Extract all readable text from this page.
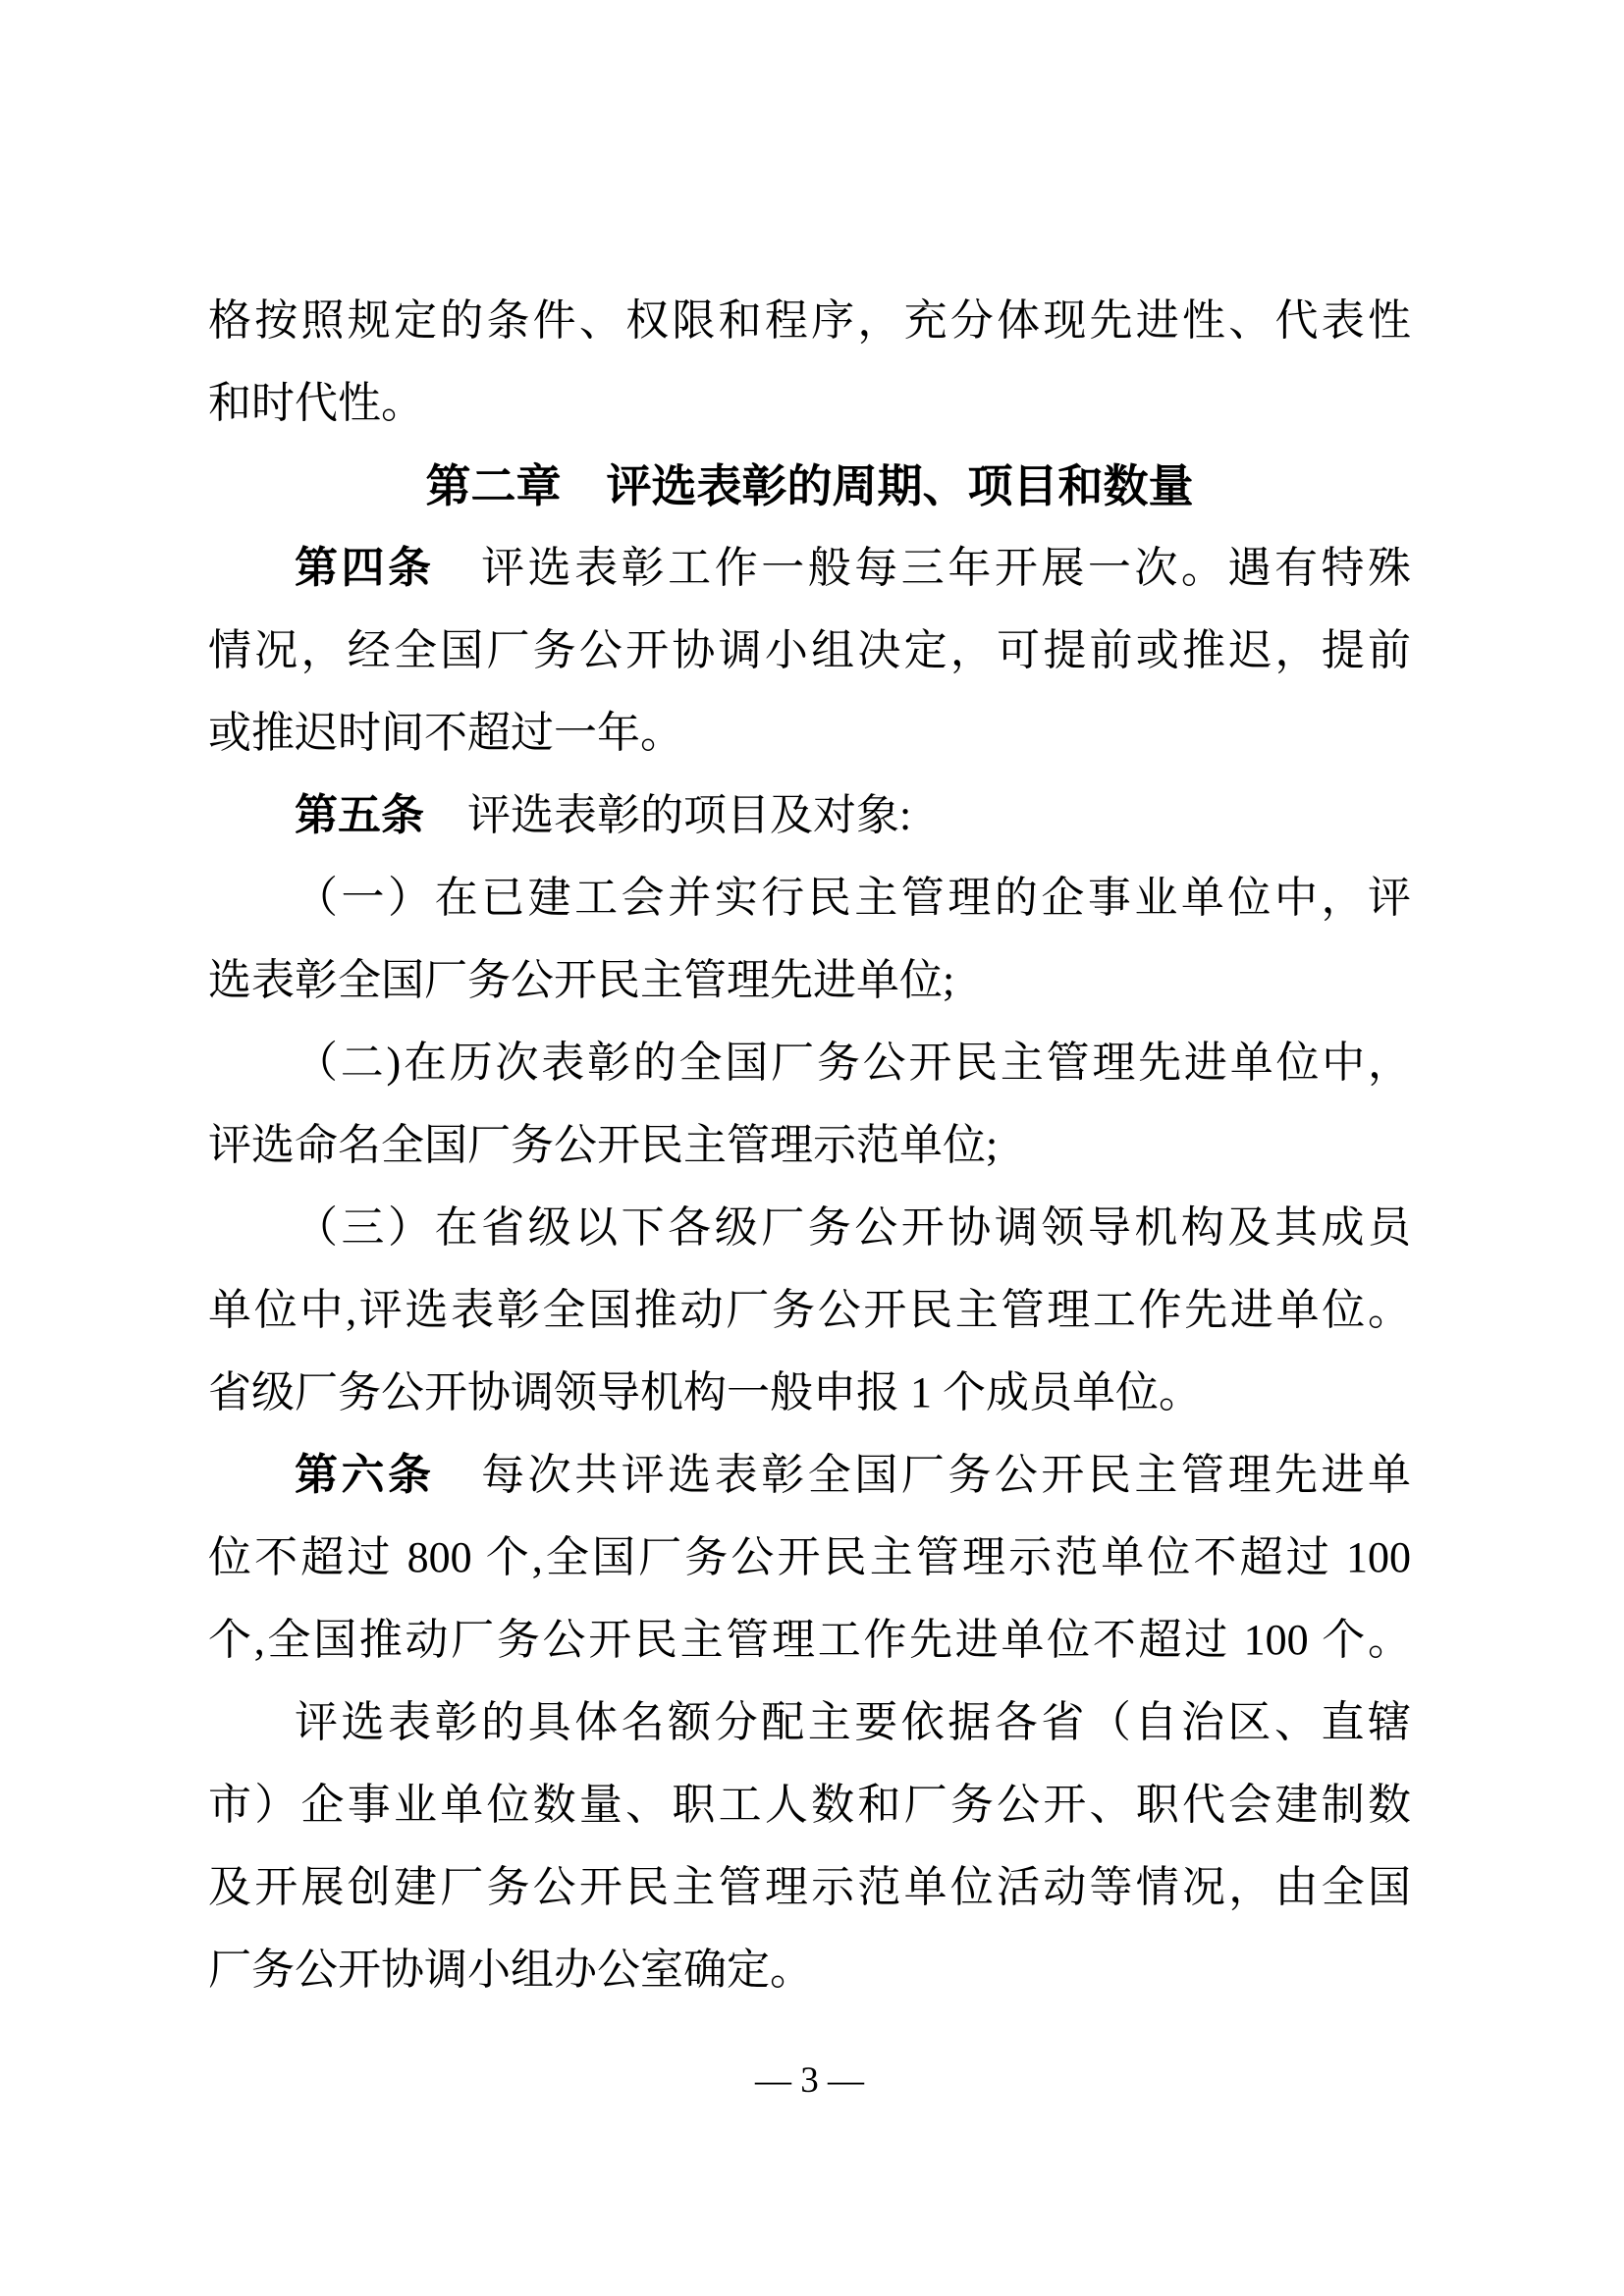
格按照规定的条件、权限和程序，充分体现先进性、代表性
和时代性。
第二章　评选表彰的周期、项目和数量
第四条　评选表彰工作一般每三年开展一次。遇有特殊
情况，经全国厂务公开协调小组决定，可提前或推迟，提前
或推迟时间不超过一年。
第五条　评选表彰的项目及对象:
（一）在已建工会并实行民主管理的企事业单位中，评
选表彰全国厂务公开民主管理先进单位;
（二)在历次表彰的全国厂务公开民主管理先进单位中，
评选命名全国厂务公开民主管理示范单位;
（三）在省级以下各级厂务公开协调领导机构及其成员
单位中,评选表彰全国推动厂务公开民主管理工作先进单位。
省级厂务公开协调领导机构一般申报 1 个成员单位。
第六条　每次共评选表彰全国厂务公开民主管理先进单
位不超过 800 个,全国厂务公开民主管理示范单位不超过 100
个,全国推动厂务公开民主管理工作先进单位不超过 100 个。
评选表彰的具体名额分配主要依据各省（自治区、直辖
市）企事业单位数量、职工人数和厂务公开、职代会建制数
及开展创建厂务公开民主管理示范单位活动等情况，由全国
厂务公开协调小组办公室确定。
— 3 —
